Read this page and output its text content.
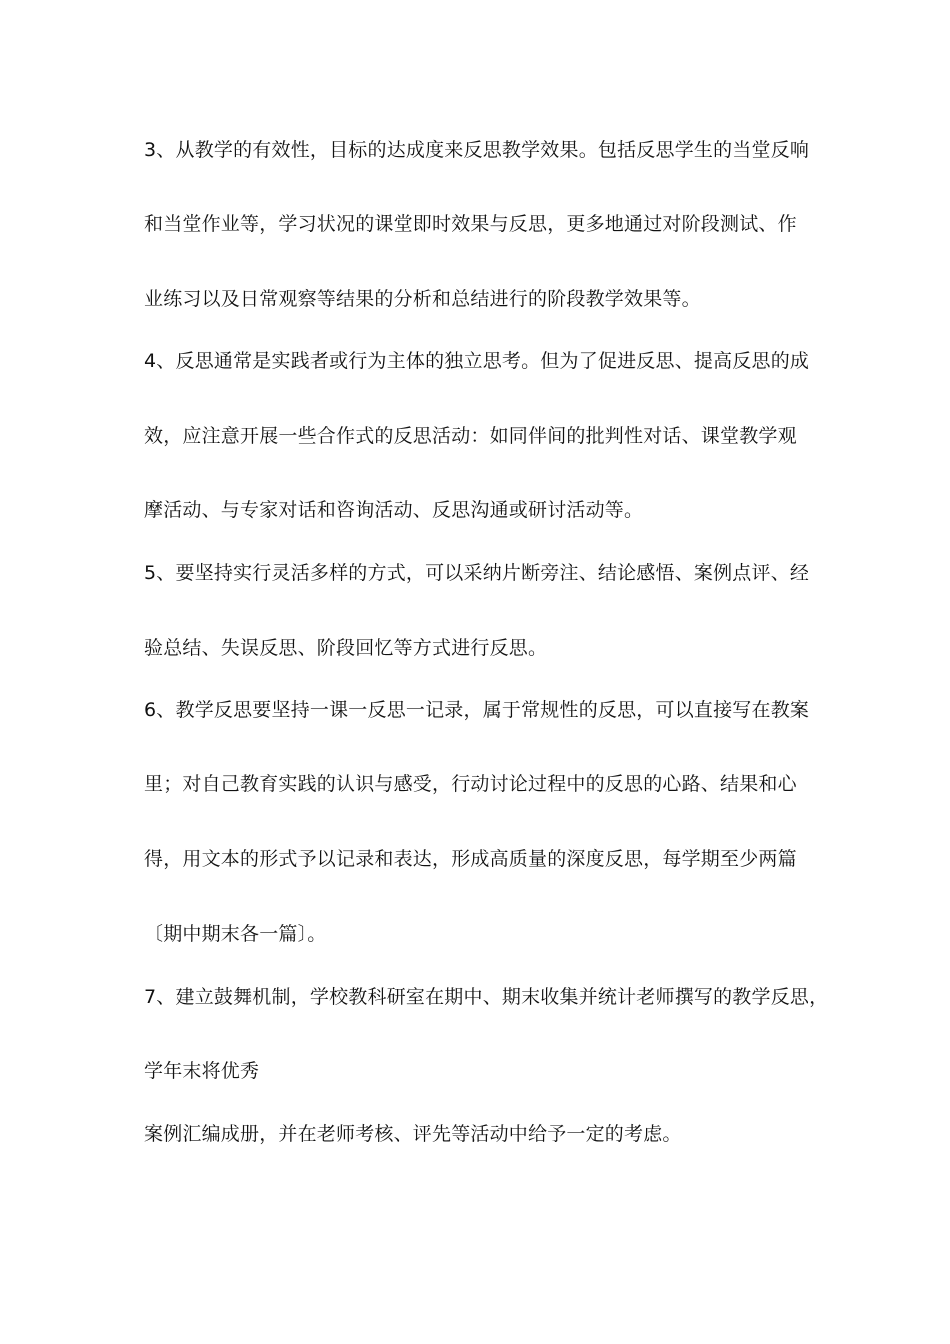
3、从教学的有效性，目标的达成度来反思教学效果。包括反思学生的当堂反响
和当堂作业等，学习状况的课堂即时效果与反思，更多地通过对阶段测试、作
业练习以及日常观察等结果的分析和总结进行的阶段教学效果等。
4、反思通常是实践者或行为主体的独立思考。但为了促进反思、提高反思的成
效，应注意开展一些合作式的反思活动：如同伴间的批判性对话、课堂教学观
摩活动、与专家对话和咨询活动、反思沟通或研讨活动等。
5、要坚持实行灵活多样的方式，可以采纳片断旁注、结论感悟、案例点评、经
验总结、失误反思、阶段回忆等方式进行反思。
6、教学反思要坚持一课一反思一记录，属于常规性的反思，可以直接写在教案
里；对自己教育实践的认识与感受，行动讨论过程中的反思的心路、结果和心
得，用文本的形式予以记录和表达，形成高质量的深度反思，每学期至少两篇
〔期中期末各一篇〕。
7、建立鼓舞机制，学校教科研室在期中、期末收集并统计老师撰写的教学反思，
学年末将优秀
案例汇编成册，并在老师考核、评先等活动中给予一定的考虑。
